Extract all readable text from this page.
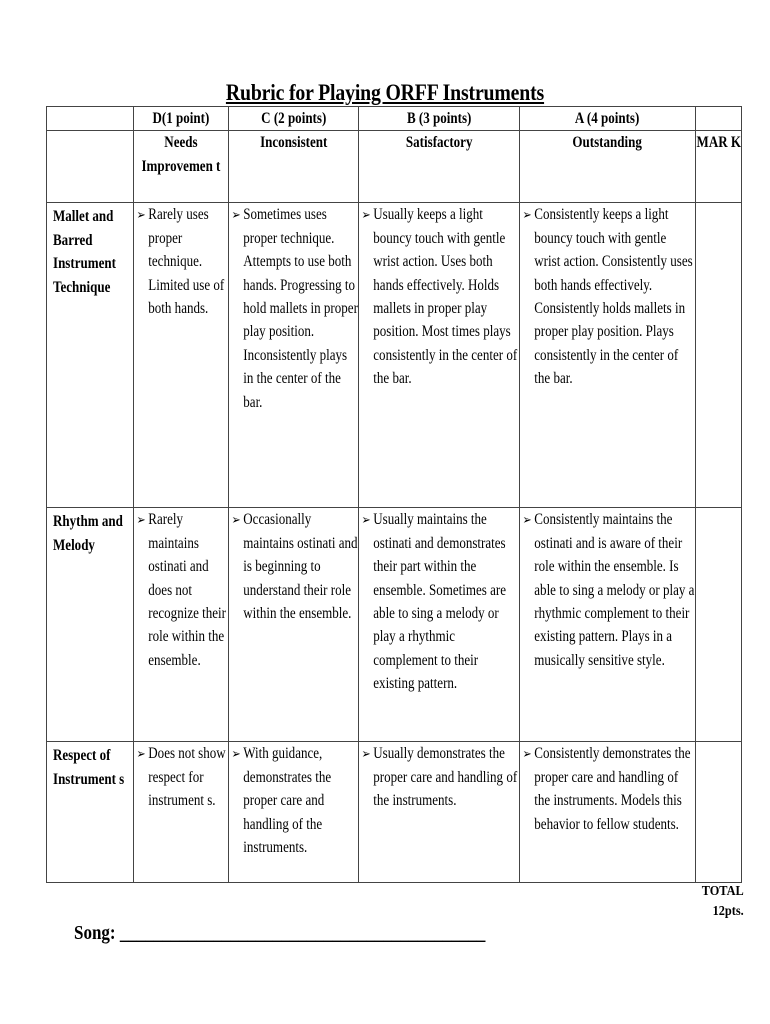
Rubric for Playing ORFF Instruments

	D(1 point)	C (2 points)	B (3 points)	A (4 points)	

	Needs Improvemen t	Inconsistent	Satisfactory	Outstanding	MAR K

Mallet and Barred Instrument Technique	➢ Rarely uses proper technique. Limited use of both hands.	➢ Sometimes uses proper technique. Attempts to use both hands. Progressing to hold mallets in proper play position. Inconsistently plays in the center of the bar.	➢ Usually keeps a light bouncy touch with gentle wrist action. Uses both hands effectively. Holds mallets in proper play position. Most times plays consistently in the center of the bar.	➢ Consistently keeps a light bouncy touch with gentle wrist action. Consistently uses both hands effectively. Consistently holds mallets in proper play position. Plays consistently in the center of the bar.	

Rhythm and Melody	➢ Rarely maintains ostinati and does not recognize their role within the ensemble.	➢ Occasionally maintains ostinati and is beginning to understand their role within the ensemble.	➢ Usually maintains the ostinati and demonstrates their part within the ensemble. Sometimes are able to sing a melody or play a rhythmic complement to their existing pattern.	➢ Consistently maintains the ostinati and is aware of their role within the ensemble. Is able to sing a melody or play a rhythmic complement to their existing pattern. Plays in a musically sensitive style.	

Respect of Instrument s	➢ Does not show respect for instrument s.	➢ With guidance, demonstrates the proper care and handling of the instruments.	➢ Usually demonstrates the proper care and handling of the instruments.	➢ Consistently demonstrates the proper care and handling of the instruments. Models this behavior to fellow students.	

TOTAL
12pts.
Song: ___________________________________________
